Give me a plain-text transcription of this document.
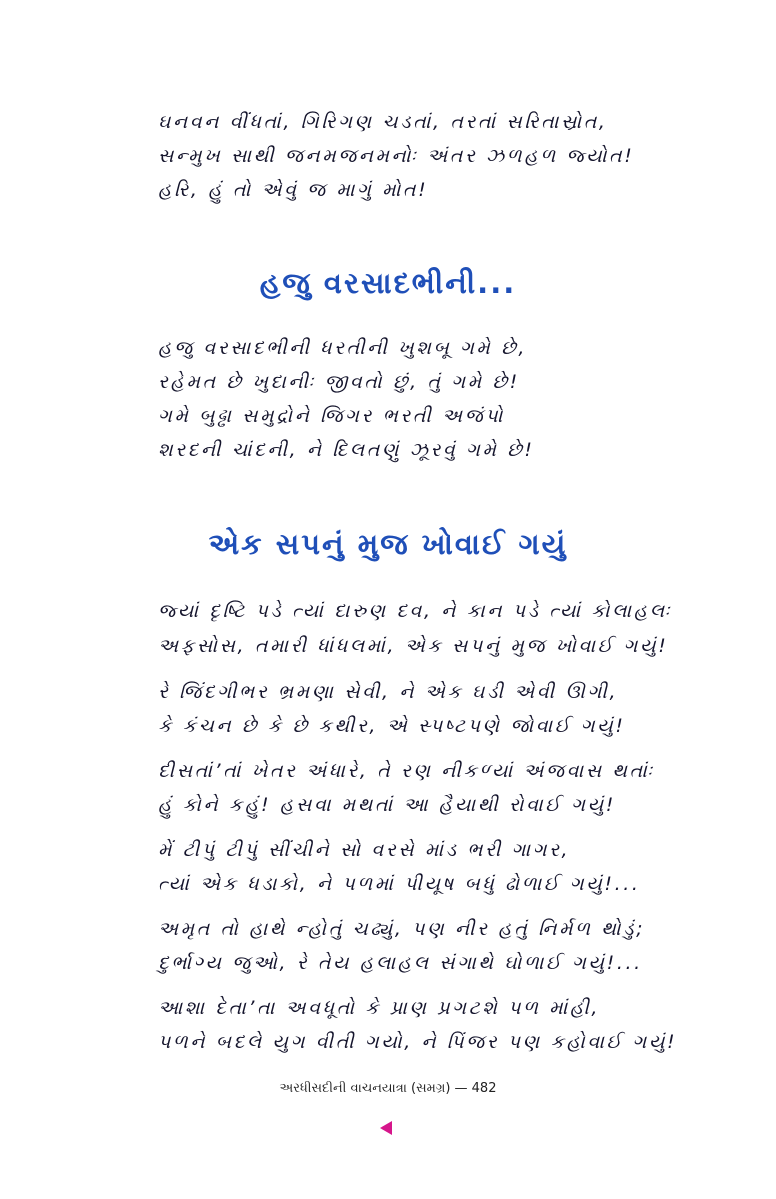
ઘનવન વીંધતાં, ગિરિગણ ચડતાં, તરતાં સરિતાસ્રોત,
સન્મુખ સાથી જનમજનમનોઃ અંતર ઝળહળ જ્યોત!
હરિ, હું તો એવું જ માગું મોત!
હજુ વરસાદભીની...
હજુ વરસાદભીની ધરતીની ખુશબૂ ગમે છે,
રહેમત છે ખુદાનીઃ જીવતો છું, તું ગમે છે!
ગમે બુઢ્ઢા સમુદ્રોને જિગર ભરતી અજંપો
શરદની ચાંદની, ને દિલતણું ઝૂરવું ગમે છે!
એક સપનું મુજ ખોવાઈ ગયું
જ્યાં દૃષ્ટિ પડે ત્યાં દારુણ દવ, ને કાન પડે ત્યાં કોલાહલઃ
અફસોસ, તમારી ધાંધલમાં, એક સપનું મુજ ખોવાઈ ગયું!
રે જિંદગીભર ભ્રમણા સેવી, ને એક ઘડી એવી ઊગી,
કે કંચન છે કે છે કથીર, એ સ્પષ્ટપણે જોવાઈ ગયું!
દીસતાં’તાં ખેતર અંધારે, તે રણ નીકળ્યાં અંજવાસ થતાંઃ
હું કોને કહું! હસવા મથતાં આ હૈયાથી રોવાઈ ગયું!
મેં ટીપું ટીપું સીંચીને સો વરસે માંડ ભરી ગાગર,
ત્યાં એક ધડાકો, ને પળમાં પીયૂષ બધું ઢોળાઈ ગયું!...
અમૃત તો હાથે ન્હોતું ચઢ્યું, પણ નીર હતું નિર્મળ થોડું;
દુર્ભાગ્ય જુઓ, રે તેય હલાહલ સંગાથે ઘોળાઈ ગયું!...
આશા દેતા’તા અવધૂતો કે પ્રાણ પ્રગટશે પળ માંહી,
પળને બદલે યુગ વીતી ગયો, ને પિંજર પણ કહોવાઈ ગયું!
અરધીસદીની વાચનયાત્રા (સમગ્ર) — 482
